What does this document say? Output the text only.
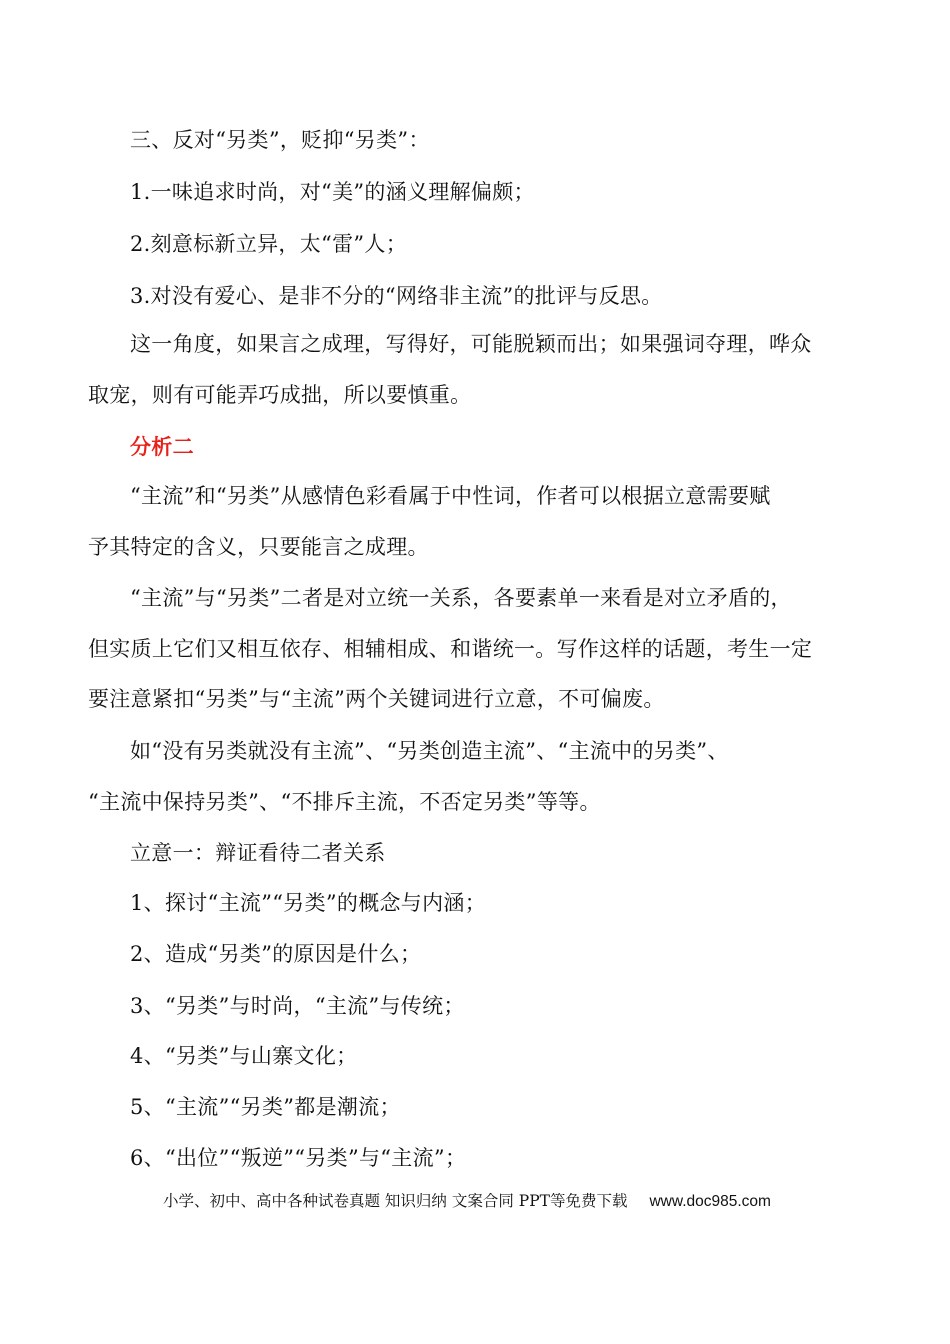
三、反对“另类”，贬抑“另类”：
1.一味追求时尚，对“美”的涵义理解偏颇；
2.刻意标新立异，太“雷”人；
3.对没有爱心、是非不分的“网络非主流”的批评与反思。
这一角度，如果言之成理，写得好，可能脱颖而出；如果强词夺理，哗众
取宠，则有可能弄巧成拙，所以要慎重。
分析二
“主流”和“另类”从感情色彩看属于中性词，作者可以根据立意需要赋
予其特定的含义，只要能言之成理。
“主流”与“另类”二者是对立统一关系，各要素单一来看是对立矛盾的，
但实质上它们又相互依存、相辅相成、和谐统一。写作这样的话题，考生一定
要注意紧扣“另类”与“主流”两个关键词进行立意，不可偏废。
如“没有另类就没有主流”、“另类创造主流”、“主流中的另类”、
“主流中保持另类”、“不排斥主流，不否定另类”等等。
立意一：辩证看待二者关系
1、探讨“主流”“另类”的概念与内涵；
2、造成“另类”的原因是什么；
3、“另类”与时尚，“主流”与传统；
4、“另类”与山寨文化；
5、“主流”“另类”都是潮流；
6、“出位”“叛逆”“另类”与“主流”；
小学、初中、高中各种试卷真题 知识归纳 文案合同 PPT等免费下载 www.doc985.com
